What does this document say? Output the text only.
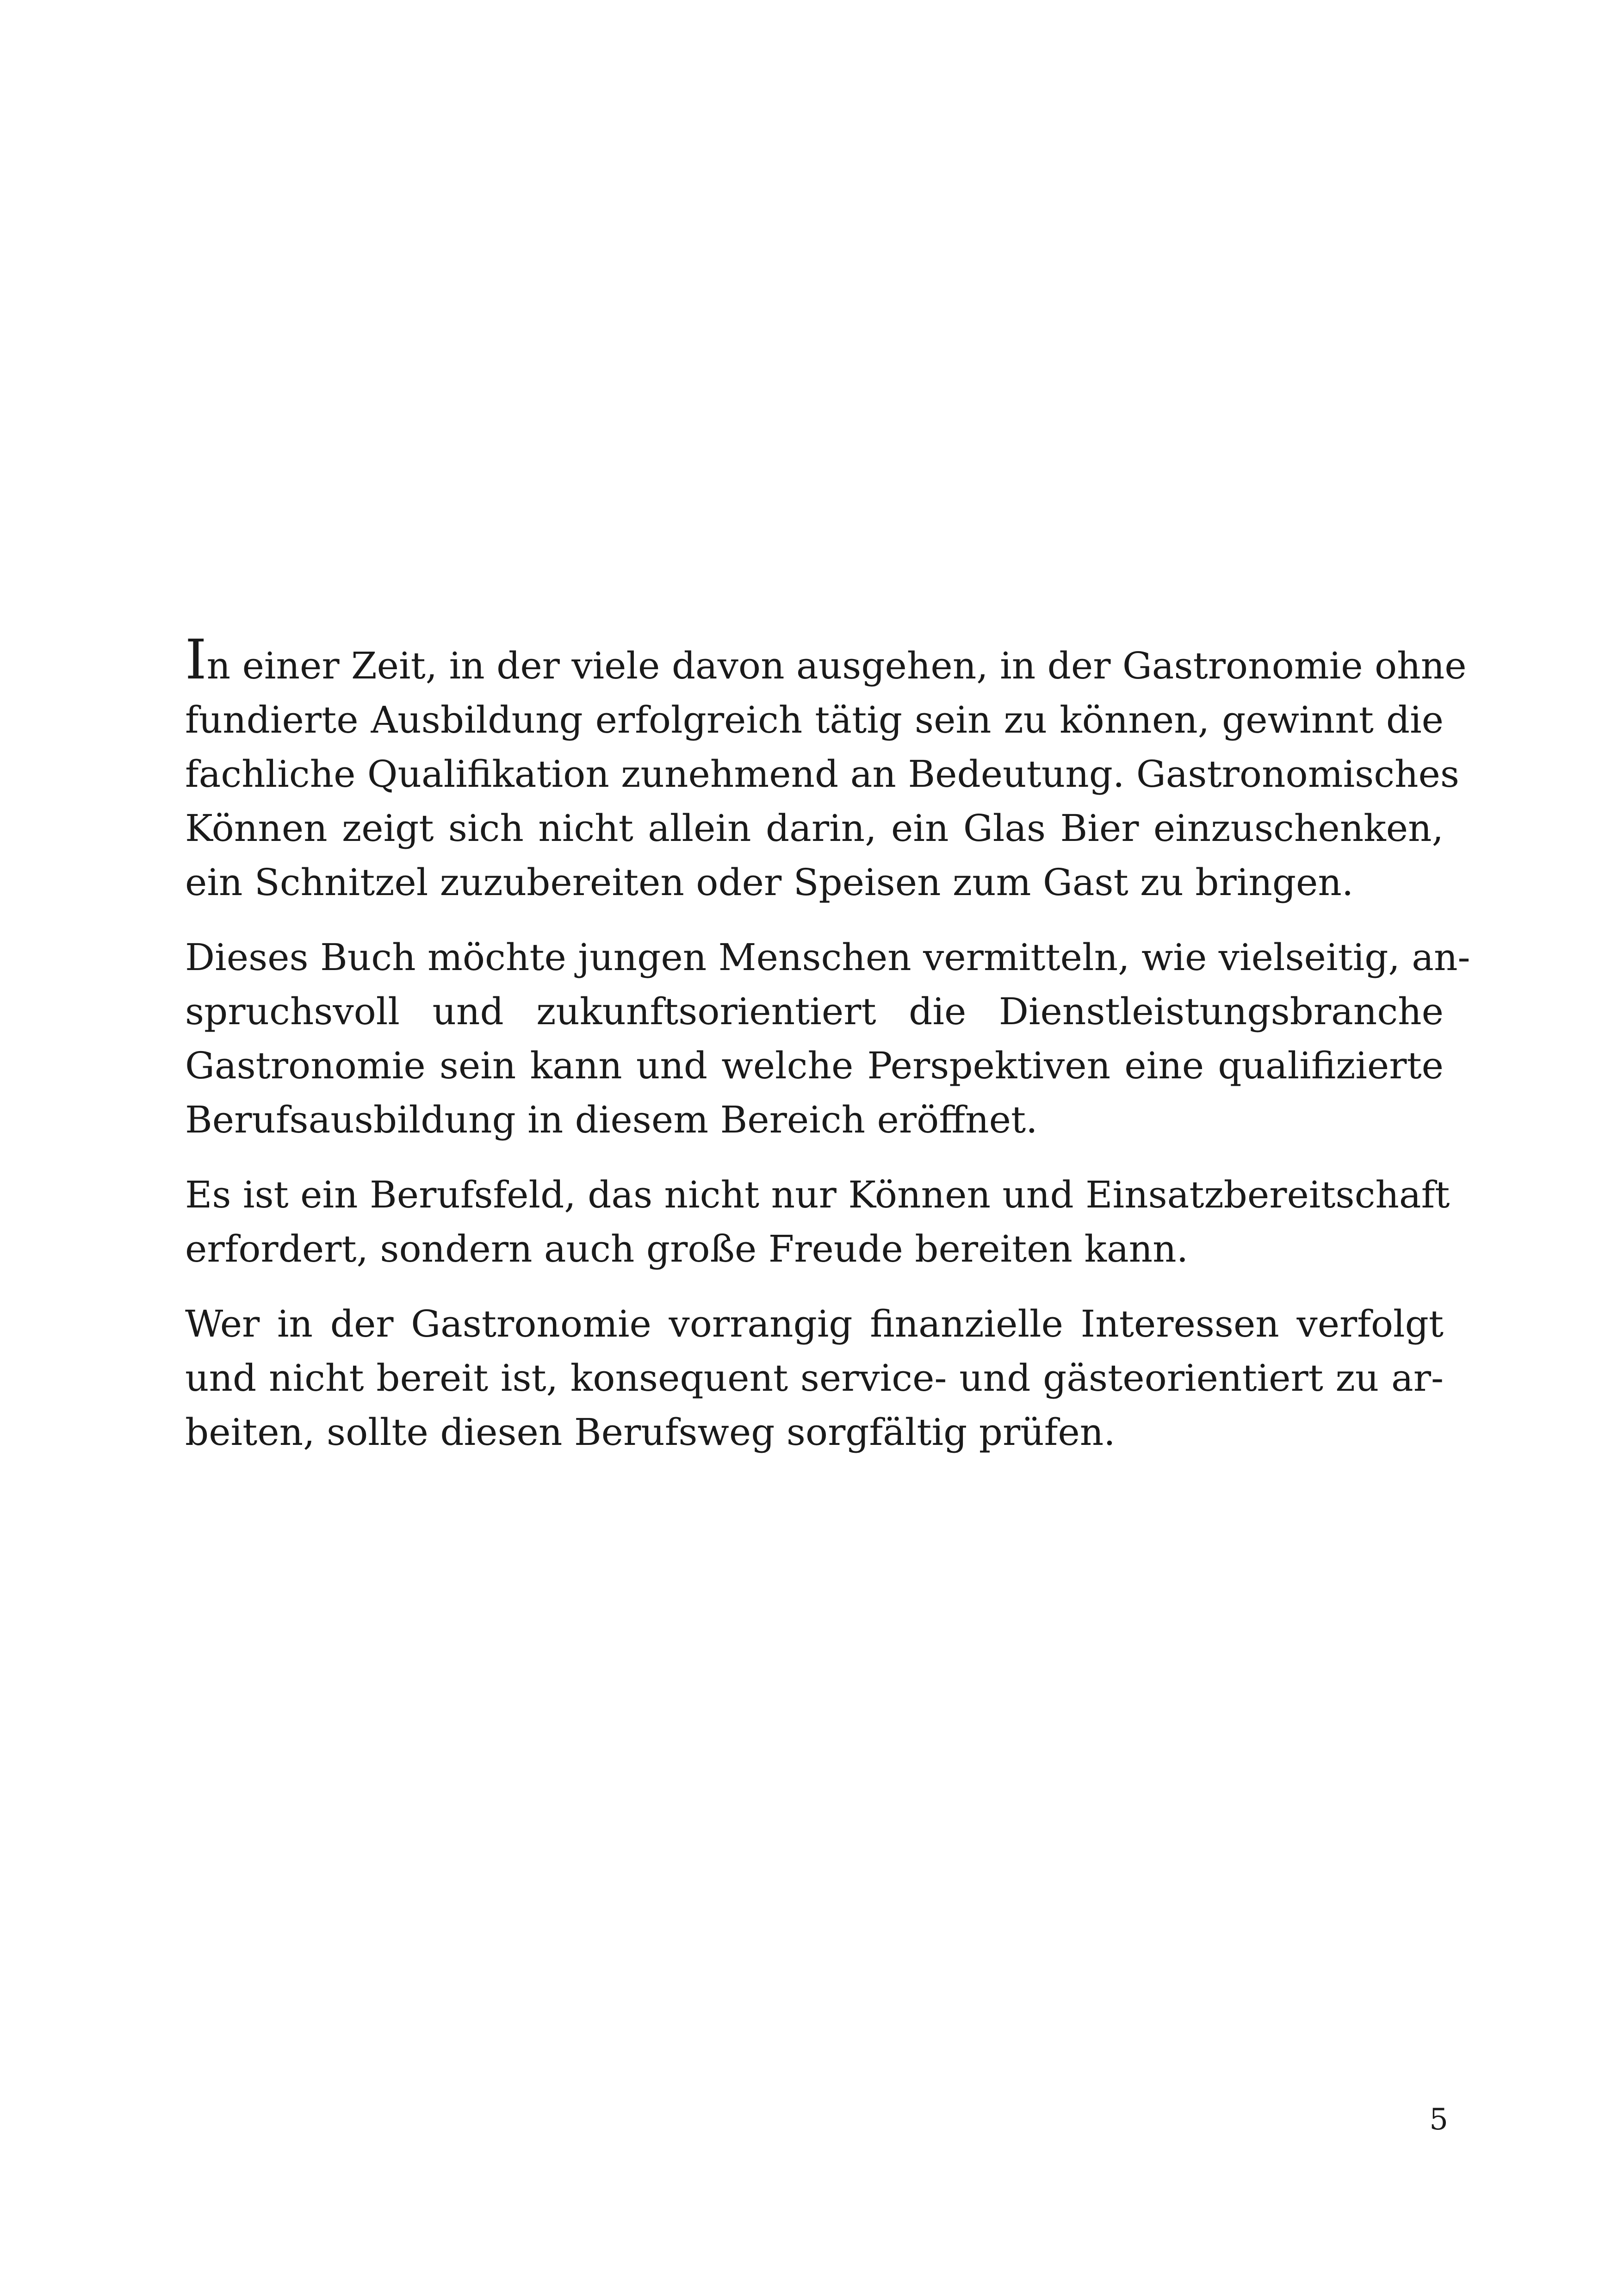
In einer Zeit, in der viele davon ausgehen, in der Gastronomie ohne
fundierte Ausbildung erfolgreich tätig sein zu können, gewinnt die
fachliche Qualifikation zunehmend an Bedeutung. Gastronomisches
Können zeigt sich nicht allein darin, ein Glas Bier einzuschenken,
ein Schnitzel zuzubereiten oder Speisen zum Gast zu bringen.
Dieses Buch möchte jungen Menschen vermitteln, wie vielseitig, an-
spruchsvoll und zukunftsorientiert die Dienstleistungsbranche
Gastronomie sein kann und welche Perspektiven eine qualifizierte
Berufsausbildung in diesem Bereich eröffnet.
Es ist ein Berufsfeld, das nicht nur Können und Einsatzbereitschaft
erfordert, sondern auch große Freude bereiten kann.
Wer in der Gastronomie vorrangig finanzielle Interessen verfolgt
und nicht bereit ist, konsequent service- und gästeorientiert zu ar-
beiten, sollte diesen Berufsweg sorgfältig prüfen.
5
